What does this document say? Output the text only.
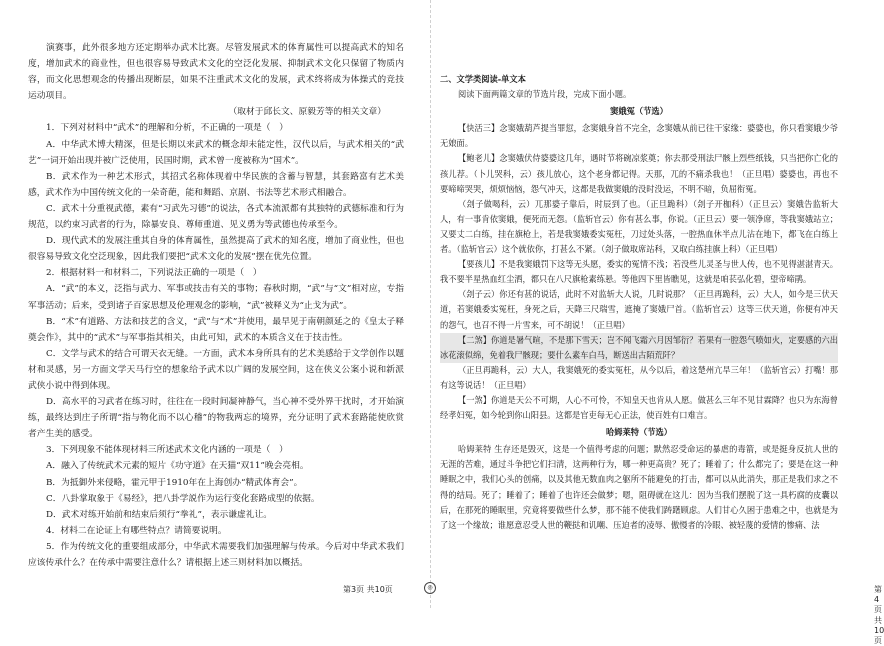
演赛事，此外很多地方还定期举办武术比赛。尽管发展武术的体育属性可以提高武术的知名度，增加武术的商业性，但也很容易导致武术文化的空泛化发展、抑制武术文化只保留了物质内容，而文化思想观念的传播出现断层，如果不注重武术文化的发展，武术终将成为体操式的竞技运动项目。

（取材于邱长文、原毅芳等的相关文章）

1．下列对材料中“武术”的理解和分析，不正确的一项是（　）

A．中华武术博大精深，但是长期以来武术的概念却未能定性，汉代以后，与武术相关的“武艺”一词开始出现并被广泛使用，民国时期，武术曾一度被称为“国术”。

B．武术作为一种艺术形式，其招式名称体现着中华民族的含蓄与智慧，其套路富有艺术美感，武术作为中国传统文化的一朵奇葩，能和舞蹈、京剧、书法等艺术形式相融合。

C．武术十分重视武德，素有“习武先习德”的说法，各式本流派都有其独特的武德标准和行为规范，以约束习武者的行为，除暴安良、尊师重道、见义勇为等武德也传承至今。

D．现代武术的发展注重其自身的体育属性，虽然提高了武术的知名度，增加了商业性，但也很容易导致文化空泛现象，因此我们要把“武术文化的发展”摆在优先位置。

2．根据材料一和材料二，下列说法正确的一项是（　）

A．“武”的本义，泛指与武力、军事或技击有关的事物；春秋时期，“武”与“文”相对应，专指军事活动；后来，受到诸子百家思想及伦理观念的影响，“武”被释义为“止戈为武”。

B．“术”有道路、方法和技艺的含义，“武”与“术”并使用，最早见于南朝颜延之的《皇太子释奠会作》，其中的“武术”与军事指其相关，由此可知，武术的本质含义在于技击性。

C．文学与武术的结合可谓天衣无缝。一方面，武术本身所具有的艺术美感给于文学创作以题材和灵感，另一方面文学天马行空的想象给予武术以广阔的发展空间，这在侠义公案小说和新派武侠小说中得到体现。

D．高水平的习武者在练习时，往往在一段时间凝神静气，当心神不受外界干扰时，才开始演练，最终达到庄子所谓“指与物化而不以心稽”的物我两忘的境界，充分证明了武术套路能使欣赏者产生美的感受。

3．下列现象不能体现材料三所述武术文化内涵的一项是（　）

A．融入了传统武术元素的短片《功守道》在天猫“双11”晚会亮相。

B．为抵御外来侵略，霍元甲于1910年在上海创办“精武体育会”。

C．八卦掌取象于《易经》，把八卦学説作为运行变化套路成型的依据。

D．武术对练开始前和结束后须行“拳礼”，表示谦虚礼让。

4．材料二在论证上有哪些特点？请简要说明。

5．作为传统文化的重要组成部分，中华武术需要我们加强理解与传承。今后对中华武术我们应该传承什么？在传承中需要注意什么？请根据上述三则材料加以概括。

第3页 共10页	◎

二、文学类阅读-单文本

阅读下面两篇文章的节选片段，完成下面小题。

窦娥冤（节选）

【快活三】念窦娥葫芦提当罪愆，念窦娥身首不完全，念窦娥从前已往干家缘：婆婆也，你只看窦娥少爷无娘面。

【鲍老儿】念窦娥伏侍婆婆这几年，遇时节将碗凉浆奠；你去那受刑法尸骸上烈些纸钱，只当把你亡化的孩儿荐。（卜儿哭科，云）孩儿放心，这个老身都记得。天那，兀的不痛杀我也！（正旦唱）婆婆也，再也不要啼啼哭哭，烦烦恼恼，怨气冲天，这都是我做窦娥的没时没运，不明不暗，负屈衔冤。

（刽子做喝科，云）兀那婆子靠后，时辰到了也。（正旦跪科）（刽子开枷科）（正旦云）窦娥告监斩大人，有一事肯依窦娥，便死而无怨。（监斩官云）你有甚么事，你说。（正旦云）要一领净席，等我窦娥站立；又要丈二白练，挂在旗枪上，若是我窦娥委实冤枉，刀过处头落，一腔热血休半点儿沾在地下，都飞在白练上者。（监斩官云）这个就依你，打甚么不紧。（刽子做取席站科，又取白练挂旗上科）（正旦唱）

【要孩儿】不是我窦娥罚下这等无头愿，委实的冤情不浅；若没些儿灵圣与世人传，也不见得湛湛青天。我不要半星热血红尘洒，都只在八尺旗枪素练悬。等他四下里皆瞧见，这就是咱苌弘化碧，望帝啼鹃。

（刽子云）你还有甚的说话，此时不对监斩大人说，几时说那？（正旦再跪科，云）大人，如今是三伏天道，若窦娥委实冤枉，身死之后，天降三尺瑞雪，遮掩了窦娥尸首。（监斩官云）这等三伏天道，你便有冲天的怨气，也召不得一片雪来，可不胡说！（正旦唱）

【二煞】你道是暑气暄，不是那下雪天；岂不闻飞霜六月因邹衍？若果有一腔怨气喷如火，定要感的六出冰花滚似绵，免着我尸骸现；要什么素车白马，断送出古陌荒阡？

（正旦再跪科，云）大人，我窦娥死的委实冤枉，从今以后，着这楚州亢旱三年！（监斩官云）打嘴！那有这等说话！（正旦唱）

【一煞】你道是天公不可期，人心不可怜，不知皇天也肯从人愿。做甚么三年不见甘霖降？也只为东海曾经孝妇冤，如今轮到你山阳县。这都是官吏每无心正法，使百姓有口难言。

哈姆莱特（节选）

哈姆莱特 生存还是毁灭，这是一个值得考虑的问题；默然忍受命运的暴虐的毒箭，或是挺身反抗人世的无涯的苦难，通过斗争把它们扫清，这两种行为，哪一种更高贵？死了；睡着了；什么都完了；要是在这一种睡眠之中，我们心头的创痛，以及其他无数血肉之躯所不能避免的打击，都可以从此消失，那正是我们求之不得的结局。死了；睡着了；睡着了也许还会做梦；嗯，阻碍就在这儿：因为当我们摆脱了这一具朽腐的皮囊以后，在那死的睡眠里，究竟将要做些什么梦，那不能不使我们踌躇顾虑。人们甘心久困于患难之中，也就是为了这一个缘故；谁愿意忍受人世的鞭挞和讥嘲、压迫者的凌辱、傲慢者的冷眼、被轻蔑的爱情的惨痛、法

第4页 共10页
